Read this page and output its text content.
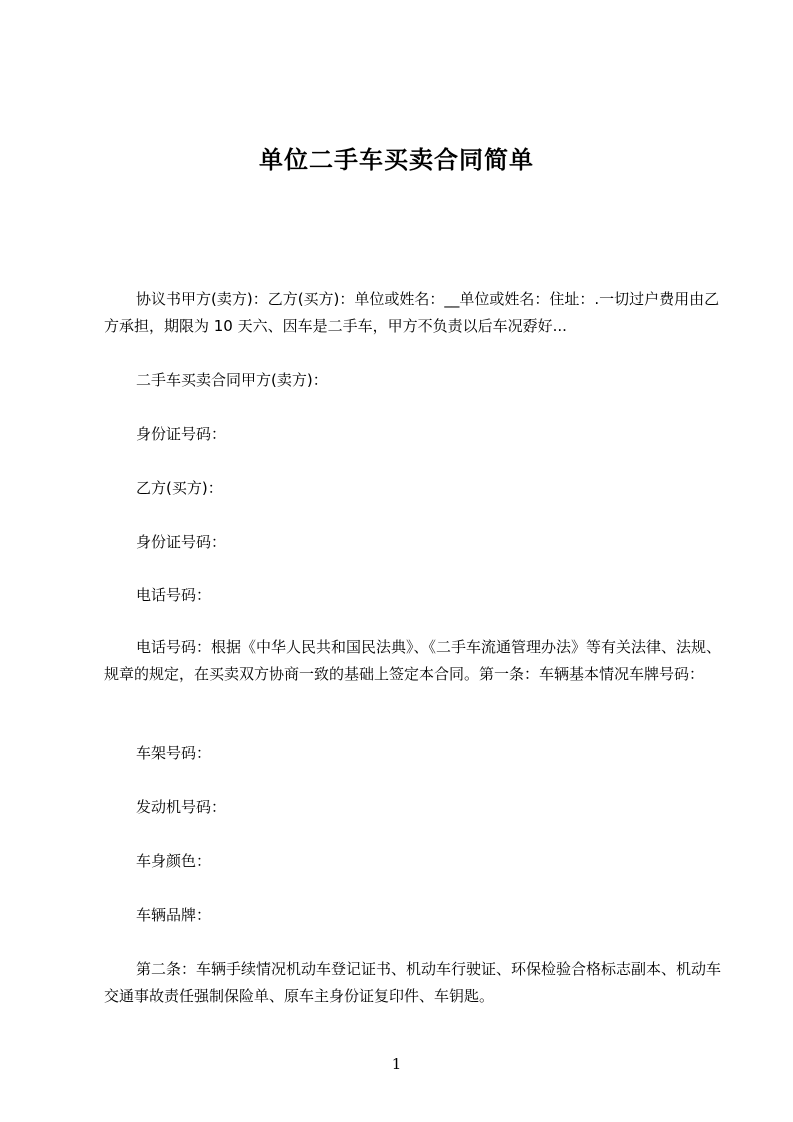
单位二手车买卖合同简单
协议书甲方(卖方)：乙方(买方)：单位或姓名：__单位或姓名：住址：.一切过户费用由乙方承担，期限为 10 天六、因车是二手车，甲方不负责以后车况孬好...
二手车买卖合同甲方(卖方)：
身份证号码：
乙方(买方)：
身份证号码：
电话号码：
电话号码：根据《中华人民共和国民法典》、《二手车流通管理办法》等有关法律、法规、规章的规定，在买卖双方协商一致的基础上签定本合同。第一条：车辆基本情况车牌号码：
车架号码：
发动机号码：
车身颜色：
车辆品牌：
第二条：车辆手续情况机动车登记证书、机动车行驶证、环保检验合格标志副本、机动车交通事故责任强制保险单、原车主身份证复印件、车钥匙。
1
